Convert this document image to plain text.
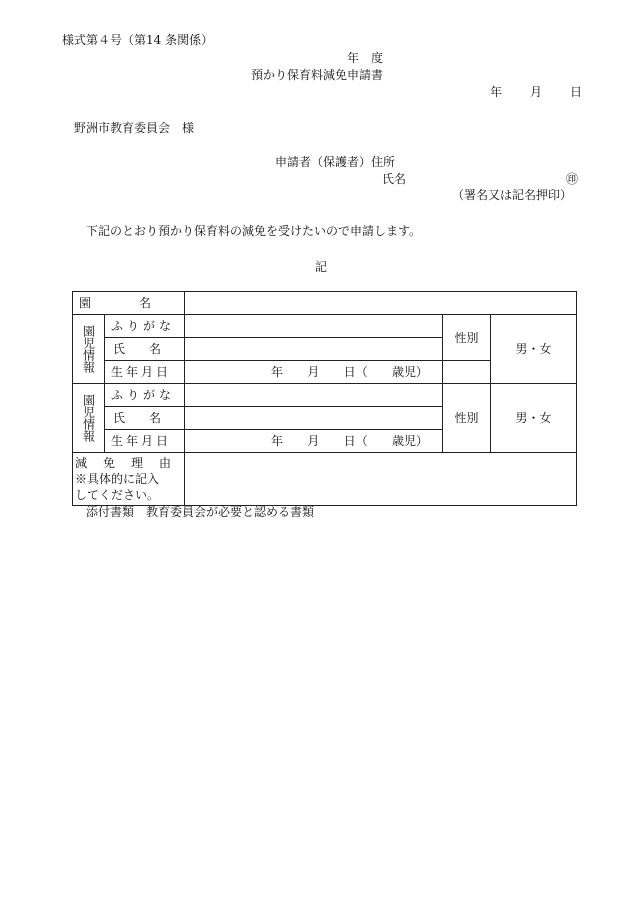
様式第４号（第14 条関係）
年　度
預かり保育料減免申請書
年 月 日
野洲市教育委員会　様
申請者（保護者）住所
氏名	㊞
（署名又は記名押印）
下記のとおり預かり保育料の減免を受けたいので申請します。
記
園　　　　名				

園児情報	ふりがな		性別	男・女
	氏　　名			

生年月日	年 月 日（ 歳児）		

園児情報	ふりがな		性別	男・女
	氏　　名			

生年月日	年 月 日（ 歳児）		

減　免　理　由
※具体的に記入
してください。				

添付書類　教育委員会が必要と認める書類
